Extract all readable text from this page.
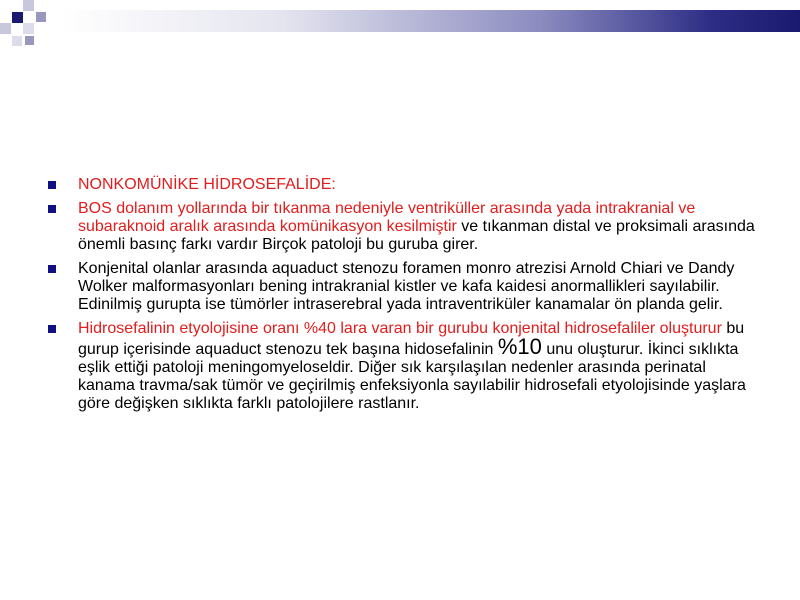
NONKOMÜNİKE HİDROSEFALİDE:
BOS dolanım yollarında bir tıkanma nedeniyle ventriküller arasında yada intrakranial ve subaraknoid aralık arasında komünikasyon kesilmiştir ve tıkanman distal ve proksimali arasında önemli basınç farkı vardır Birçok patoloji bu guruba girer.
Konjenital olanlar arasında aquaduct stenozu foramen monro atrezisi Arnold Chiari ve Dandy Wolker malformasyonları bening intrakranial kistler ve kafa kaidesi anormallikleri sayılabilir. Edinilmiş gurupta ise tümörler intraserebral yada intraventriküler kanamalar ön planda gelir.
Hidrosefalinin etyolojisine oranı %40 lara varan bir gurubu konjenital hidrosefaliler oluşturur bu gurup içerisinde aquaduct stenozu tek başına hidosefalinin %10 unu oluşturur. İkinci sıklıkta eşlik ettiği patoloji meningomyeloseldir. Diğer sık karşılaşılan nedenler arasında perinatal kanama travma/sak tümör ve geçirilmiş enfeksiyonla sayılabilir hidrosefali etyolojisinde yaşlara göre değişken sıklıkta farklı patolojilere rastlanır.
